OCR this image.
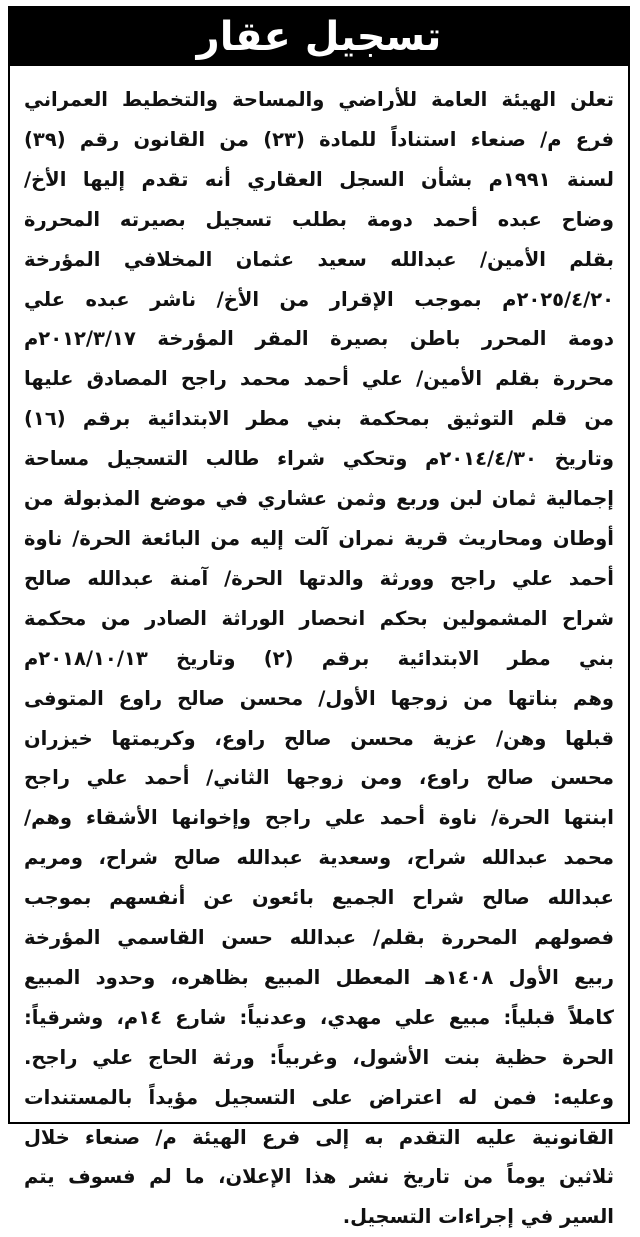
تسجيل عقار
تعلن الهيئة العامة للأراضي والمساحة والتخطيط العمراني
فرع م/ صنعاء استناداً للمادة (٢٣) من القانون رقم (٣٩)
لسنة ١٩٩١م بشأن السجل العقاري أنه تقدم إليها الأخ/
وضاح عبده أحمد دومة بطلب تسجيل بصيرته المحررة
بقلم الأمين/ عبدالله سعيد عثمان المخلافي المؤرخة
٢٠٢٥/٤/٢٠م بموجب الإقرار من الأخ/ ناشر عبده علي
دومة المحرر باطن بصيرة المقر المؤرخة ٢٠١٢/٣/١٧م
محررة بقلم الأمين/ علي أحمد محمد راجح المصادق عليها
من قلم التوثيق بمحكمة بني مطر الابتدائية برقم (١٦)
وتاريخ ٢٠١٤/٤/٣٠م وتحكي شراء طالب التسجيل مساحة
إجمالية ثمان لبن وربع وثمن عشاري في موضع المذبولة من
أوطان ومحاريث قرية نمران آلت إليه من البائعة الحرة/ ناوة
أحمد علي راجح وورثة والدتها الحرة/ آمنة عبدالله صالح
شراح المشمولين بحكم انحصار الوراثة الصادر من محكمة
بني مطر الابتدائية برقم (٢) وتاريخ ٢٠١٨/١٠/١٣م
وهم بناتها من زوجها الأول/ محسن صالح راوع المتوفى
قبلها وهن/ عزية محسن صالح راوع، وكريمتها خيزران
محسن صالح راوع، ومن زوجها الثاني/ أحمد علي راجح
ابنتها الحرة/ ناوة أحمد علي راجح وإخوانها الأشقاء وهم/
محمد عبدالله شراح، وسعدية عبدالله صالح شراح، ومريم
عبدالله صالح شراح الجميع بائعون عن أنفسهم بموجب
فصولهم المحررة بقلم/ عبدالله حسن القاسمي المؤرخة
ربيع الأول ١٤٠٨هـ المعطل المبيع بظاهره، وحدود المبيع
كاملاً قبلياً: مبيع علي مهدي، وعدنياً: شارع ١٤م، وشرقياً:
الحرة حظية بنت الأشول، وغربياً: ورثة الحاج علي راجح.
وعليه: فمن له اعتراض على التسجيل مؤيداً بالمستندات
القانونية عليه التقدم به إلى فرع الهيئة م/ صنعاء خلال
ثلاثين يوماً من تاريخ نشر هذا الإعلان، ما لم فسوف يتم
السير في إجراءات التسجيل.
